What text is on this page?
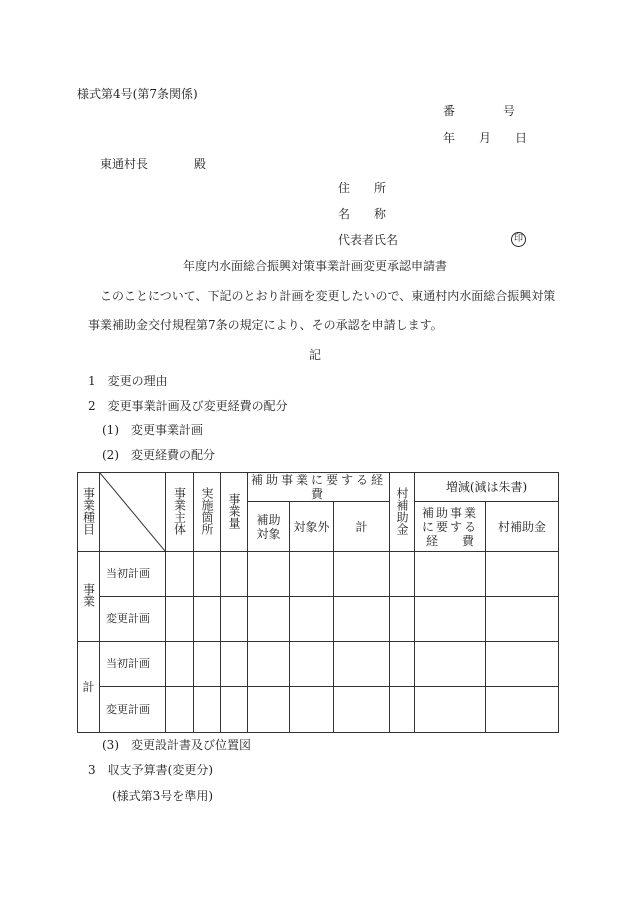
様式第4号(第7条関係)
番　　　　号
年　　月　　日
東通村長	殿
住　　所
名　　称
代表者氏名	印
年度内水面総合振興対策事業計画変更承認申請書
このことについて、下記のとおり計画を変更したいので、東通村内水面総合振興対策
事業補助金交付規程第7条の規定により、その承認を申請します。
記
1　変更の理由
2　変更事業計画及び変更経費の配分
(1)　変更事業計画
(2)　変更経費の配分
事業種目		事業主体	実施箇所	事業量	補助事業に要する経費			村補助金	増減(減は朱書)	
					補助対象	対象外	計		補助事業
に要する
経　　費	村補助金
事業	当初計画									
	変更計画									
計	当初計画									
	変更計画									
(3)　変更設計書及び位置図
3　収支予算書(変更分)
(様式第3号を準用)
